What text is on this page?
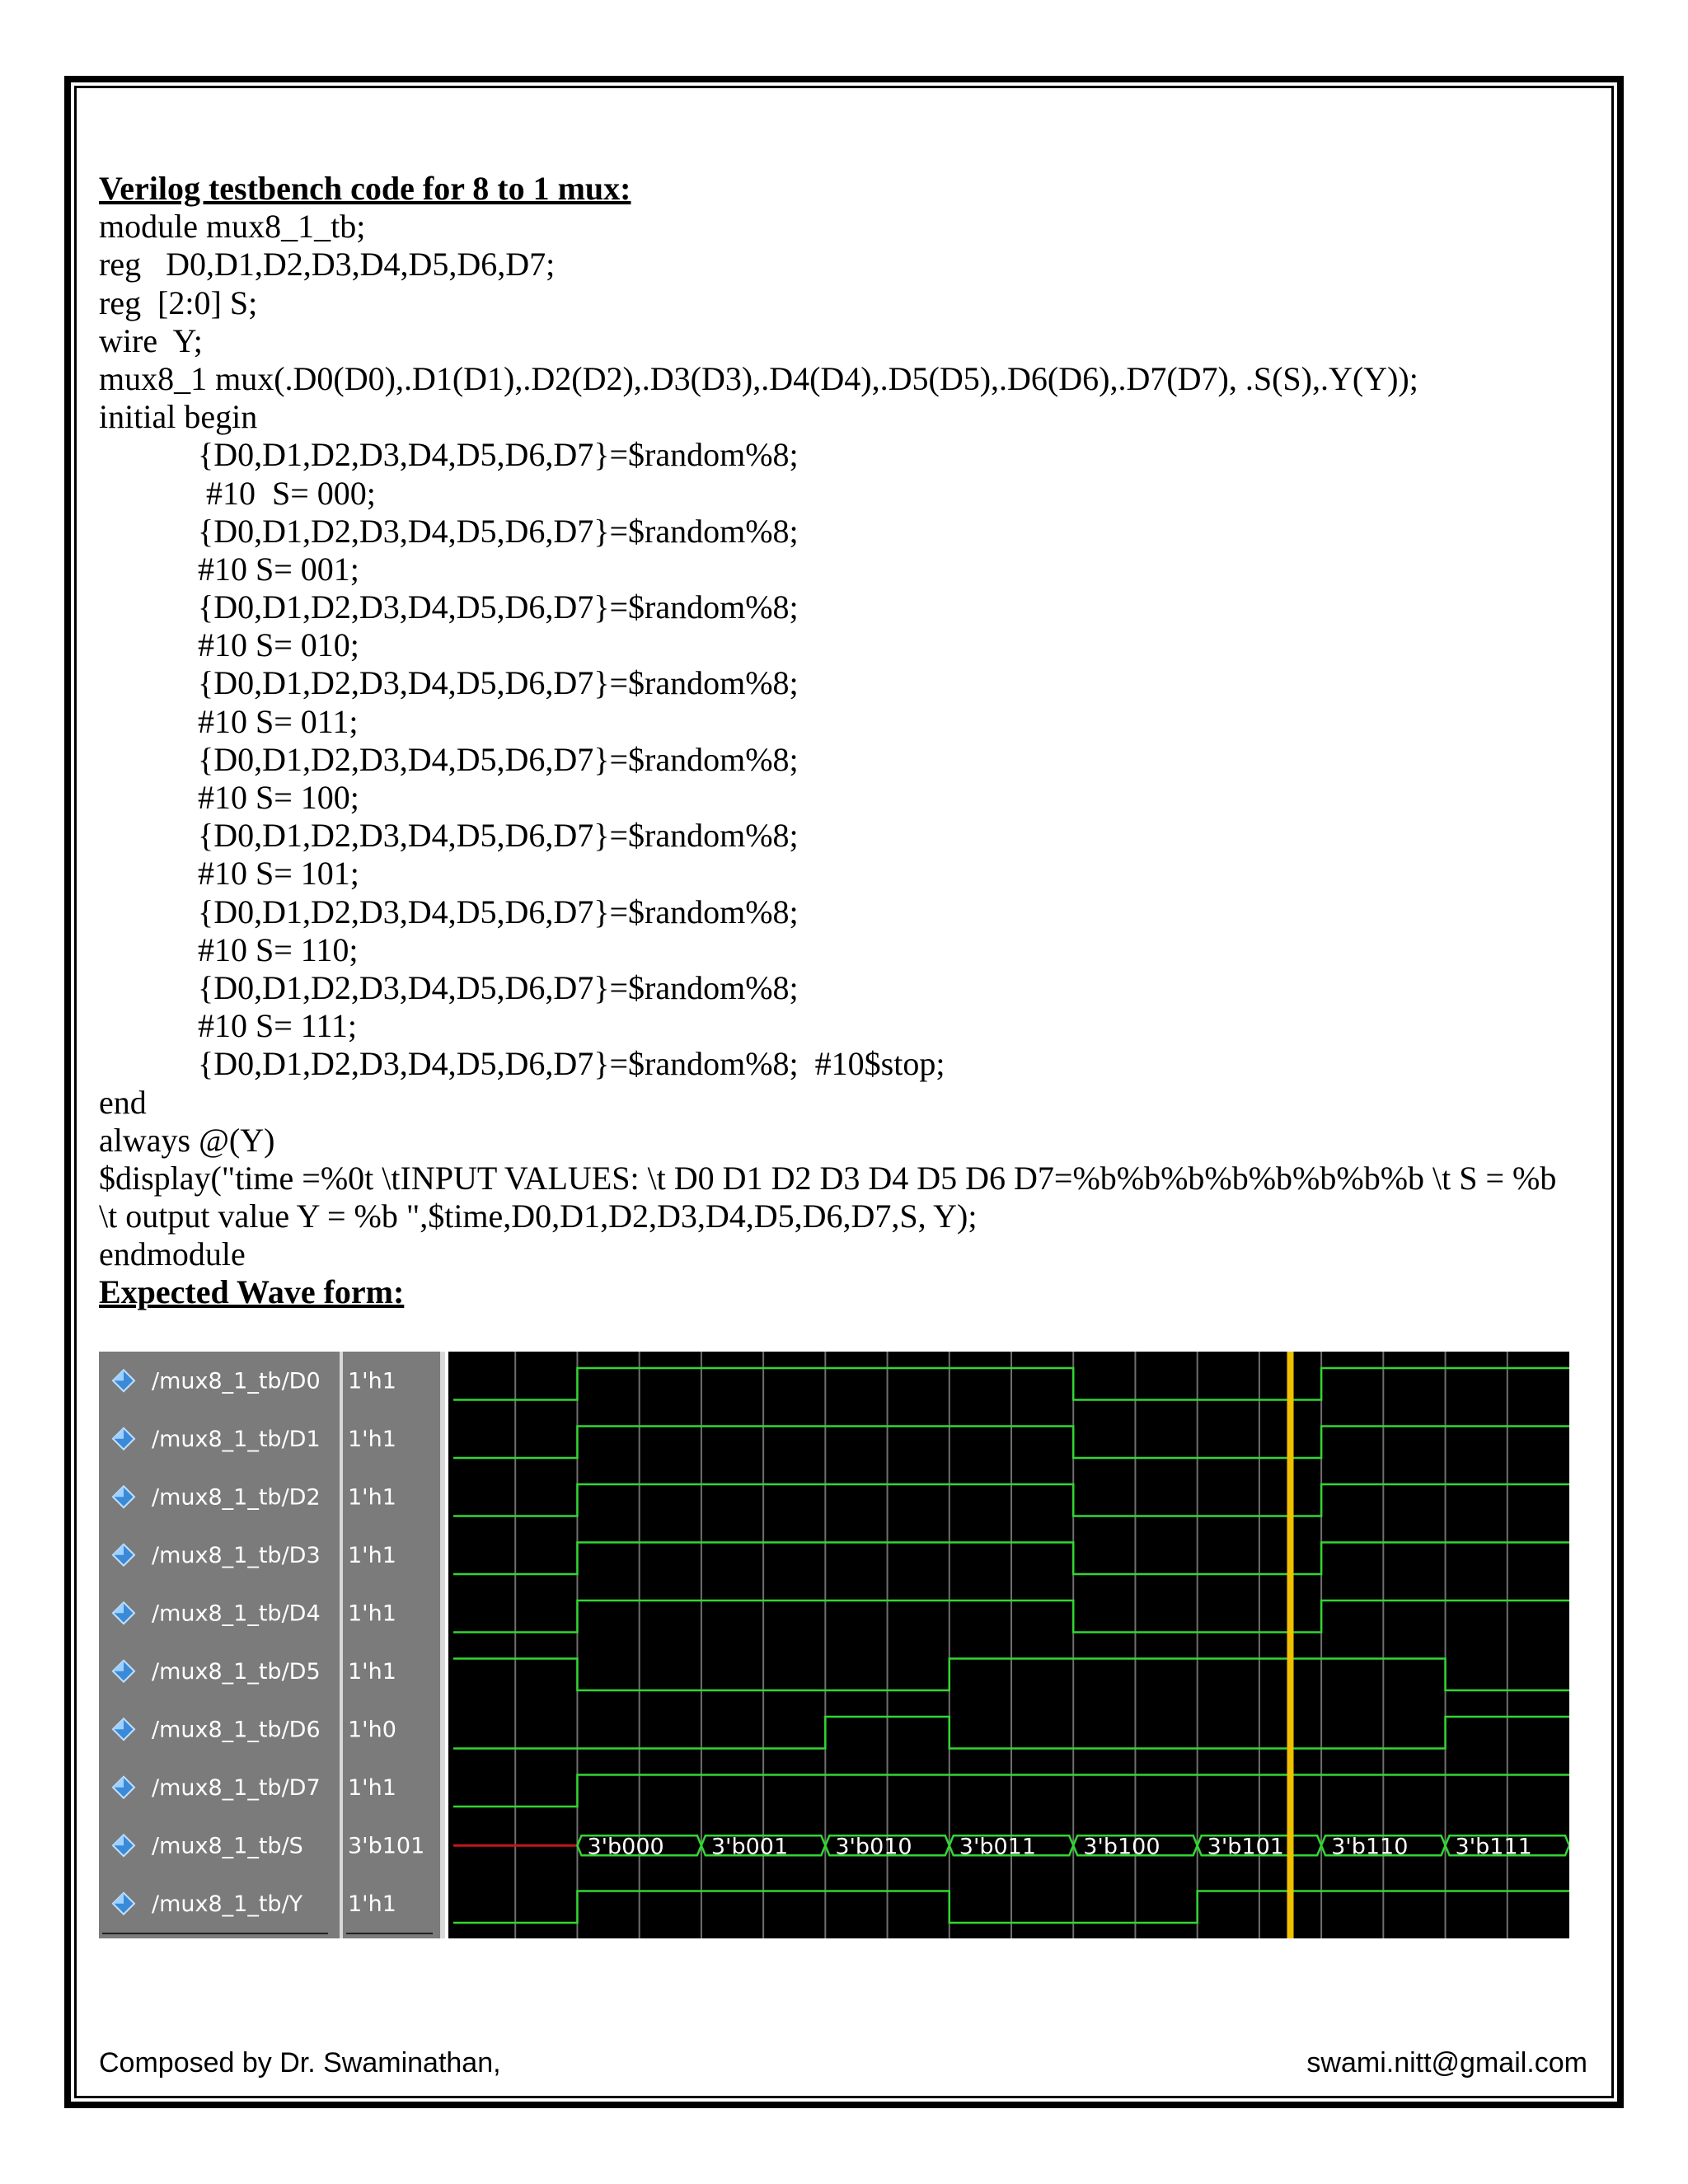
Verilog testbench code for 8 to 1 mux:
module mux8_1_tb;
reg   D0,D1,D2,D3,D4,D5,D6,D7;
reg  [2:0] S;
wire  Y;
mux8_1 mux(.D0(D0),.D1(D1),.D2(D2),.D3(D3),.D4(D4),.D5(D5),.D6(D6),.D7(D7), .S(S),.Y(Y));
initial begin
{D0,D1,D2,D3,D4,D5,D6,D7}=$random%8;
#10  S= 000;
{D0,D1,D2,D3,D4,D5,D6,D7}=$random%8;
#10 S= 001;
{D0,D1,D2,D3,D4,D5,D6,D7}=$random%8;
#10 S= 010;
{D0,D1,D2,D3,D4,D5,D6,D7}=$random%8;
#10 S= 011;
{D0,D1,D2,D3,D4,D5,D6,D7}=$random%8;
#10 S= 100;
{D0,D1,D2,D3,D4,D5,D6,D7}=$random%8;
#10 S= 101;
{D0,D1,D2,D3,D4,D5,D6,D7}=$random%8;
#10 S= 110;
{D0,D1,D2,D3,D4,D5,D6,D7}=$random%8;
#10 S= 111;
{D0,D1,D2,D3,D4,D5,D6,D7}=$random%8;  #10$stop;
end
always @(Y)
$display("time =%0t \tINPUT VALUES: \t D0 D1 D2 D3 D4 D5 D6 D7=%b%b%b%b%b%b%b%b \t S = %b \t output value Y = %b ",$time,D0,D1,D2,D3,D4,D5,D6,D7,S, Y);
endmodule
Expected Wave form:
/mux8_1_tb/D0 1'h1
/mux8_1_tb/D1 1'h1
/mux8_1_tb/D2 1'h1
/mux8_1_tb/D3 1'h1
/mux8_1_tb/D4 1'h1
/mux8_1_tb/D5 1'h1
/mux8_1_tb/D6 1'h0
/mux8_1_tb/D7 1'h1
/mux8_1_tb/S 3'b101	3'b000 3'b001 3'b010 3'b011 3'b100 3'b101 3'b110 3'b111
/mux8_1_tb/Y 1'h1
Composed by Dr. Swaminathan,	swami.nitt@gmail.com
